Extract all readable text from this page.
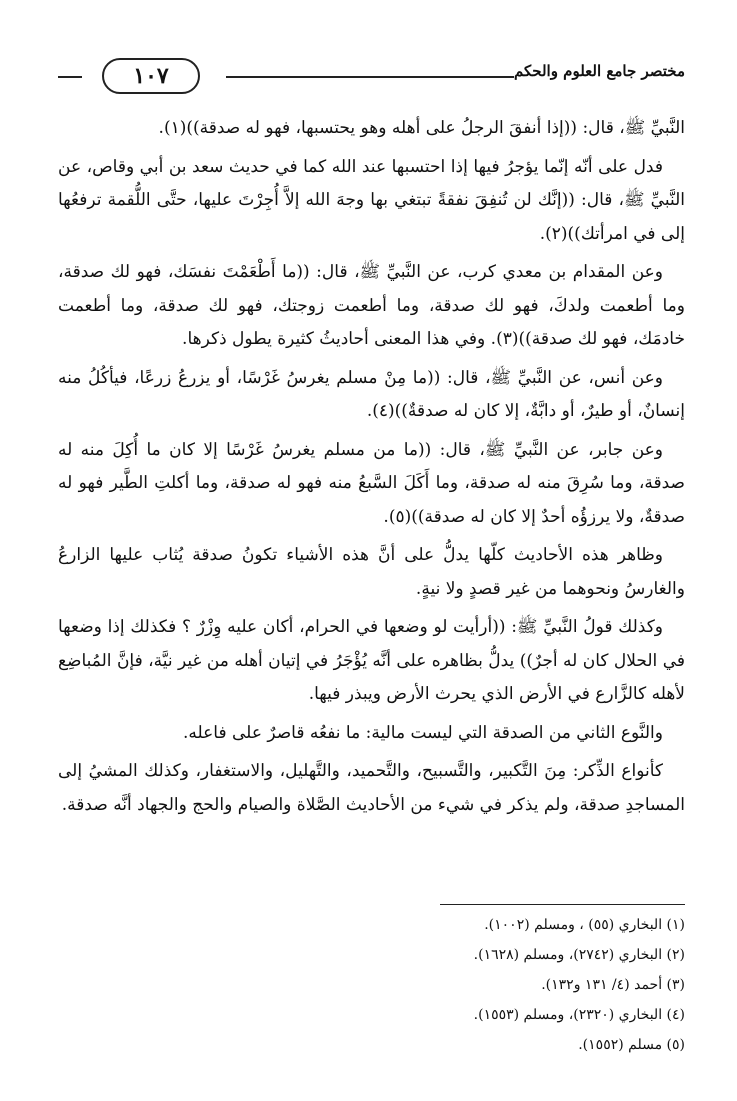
١٠٧	مختصر جامع العلوم والحكم

النَّبيِّ ﷺ، قال: ((إذا أنفقَ الرجلُ على أهله وهو يحتسبها، فهو له صدقة))(١).

فدل على أنّه إنّما يؤجرُ فيها إذا احتسبها عند الله كما في حديث سعد بن أبي وقاص، عن النَّبيِّ ﷺ، قال: ((إنَّك لن تُنفِقَ نفقةً تبتغي بها وجهَ الله إلاَّ أُجِرْتَ عليها، حتَّى اللُّقمة ترفعُها إلى في امرأتك))(٢).

وعن المقدام بن معدي كرب، عن النَّبيِّ ﷺ، قال: ((ما أَطْعَمْتَ نفسَك، فهو لك صدقة، وما أطعمت ولدكَ، فهو لك صدقة، وما أطعمت زوجتك، فهو لك صدقة، وما أطعمت خادمَك، فهو لك صدقة))(٣). وفي هذا المعنى أحاديثُ كثيرة يطول ذكرها.

وعن أنس، عن النَّبيِّ ﷺ، قال: ((ما مِنْ مسلم يغرسُ غَرْسًا، أو يزرعُ زرعًا، فيأكُلُ منه إنسانٌ، أو طيرٌ، أو دابَّةٌ، إلا كان له صدقةٌ))(٤).

وعن جابر، عن النَّبيِّ ﷺ، قال: ((ما من مسلم يغرسُ غَرْسًا إلا كان ما أُكِلَ منه له صدقة، وما سُرِقَ منه له صدقة، وما أَكَلَ السَّبعُ منه فهو له صدقة، وما أكلتِ الطَّير فهو له صدقةٌ، ولا يرزؤُه أحدٌ إلا كان له صدقة))(٥).

وظاهر هذه الأحاديث كلّها يدلُّ على أنَّ هذه الأشياء تكونُ صدقة يُثاب عليها الزارعُ والغارسُ ونحوهما من غير قصدٍ ولا نيةٍ.

وكذلك قولُ النَّبيِّ ﷺ: ((أرأيت لو وضعها في الحرام، أكان عليه وِزْرٌ ؟ فكذلك إذا وضعها في الحلال كان له أجرٌ)) يدلُّ بظاهره على أنَّه يُؤْجَرُ في إتيان أهله من غير نيَّة، فإنَّ المُباضِع لأهله كالزَّارع في الأرض الذي يحرث الأرض ويبذر فيها.

والنَّوع الثاني من الصدقة التي ليست مالية: ما نفعُه قاصرٌ على فاعله.

كأنواع الذِّكر: مِنَ التَّكبير، والتَّسبيح، والتَّحميد، والتَّهليل، والاستغفار، وكذلك المشيُ إلى المساجدِ صدقة، ولم يذكر في شيء من الأحاديث الصَّلاة والصيام والحج والجهاد أنَّه صدقة.

(١) البخاري (٥٥) ، ومسلم (١٠٠٢).
(٢) البخاري (٢٧٤٢)، ومسلم (١٦٢٨).
(٣) أحمد (٤/ ١٣١ و١٣٢).
(٤) البخاري (٢٣٢٠)، ومسلم (١٥٥٣).
(٥) مسلم (١٥٥٢).
